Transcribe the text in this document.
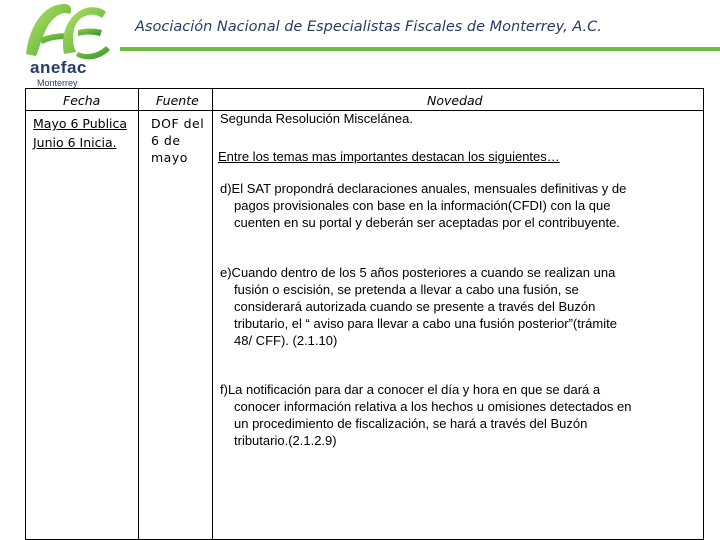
anefac
Monterrey
Asociación Nacional de Especialistas Fiscales de Monterrey, A.C.
Fecha	Fuente	Novedad
Mayo 6 Publica
Junio 6 Inicia.
DOF del
6 de
mayo
Segunda Resolución Miscelánea.
Entre los temas mas importantes destacan los siguientes…
d)El SAT propondrá declaraciones anuales, mensuales definitivas y de
pagos provisionales con base en la información(CFDI) con la que
cuenten en su portal y deberán ser aceptadas por el contribuyente.
e)Cuando dentro de los 5 años posteriores a cuando se realizan una
fusión o escisión, se pretenda a llevar a cabo una fusión, se
considerará autorizada cuando se presente a través del Buzón
tributario, el “ aviso para llevar a cabo una fusión posterior”(trámite
48/ CFF). (2.1.10)
f)La notificación para dar a conocer el día y hora en que se dará a
conocer información relativa a los hechos u omisiones detectados en
un procedimiento de fiscalización, se hará a través del Buzón
tributario.(2.1.2.9)
